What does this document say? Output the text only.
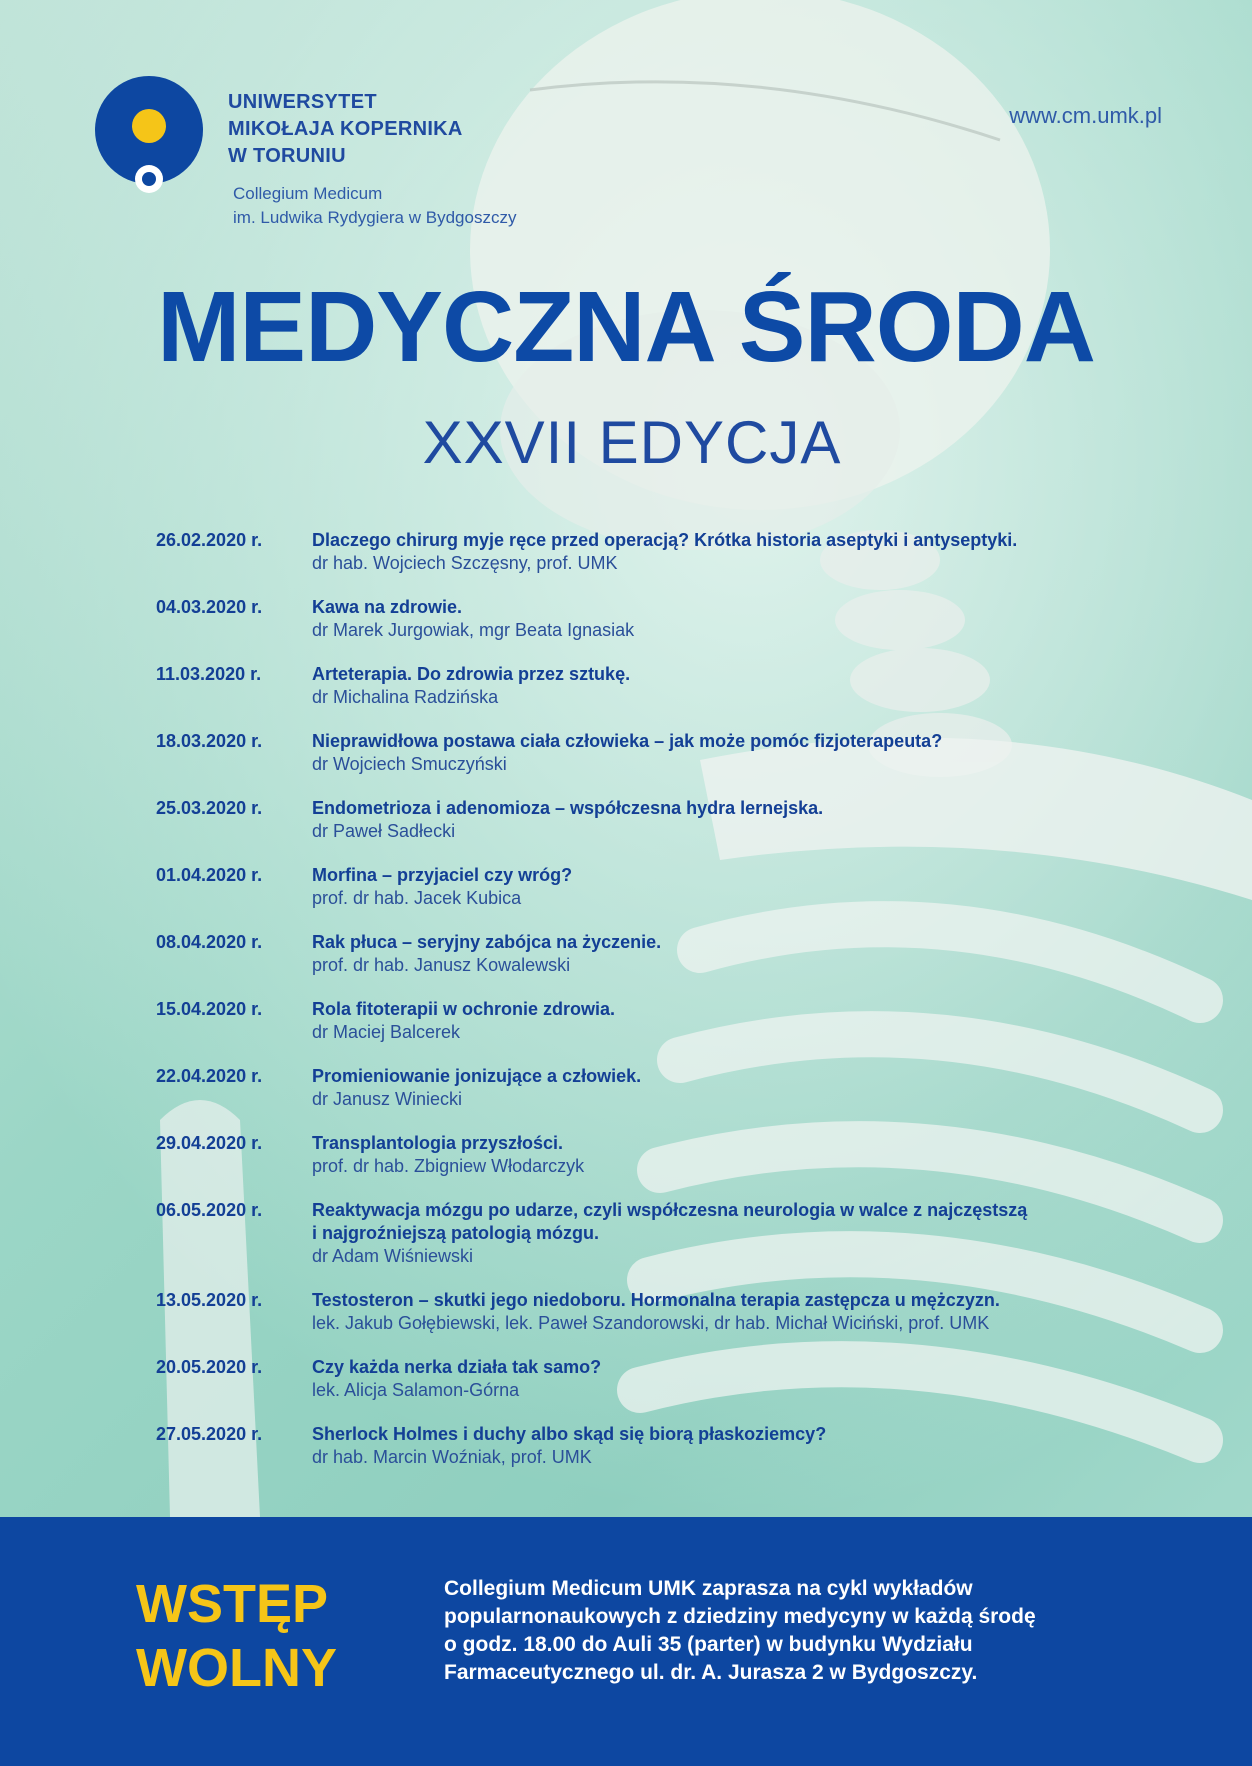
UNIWERSYTET
MIKOŁAJA KOPERNIKA
W TORUNIU
Collegium Medicum
im. Ludwika Rydygiera w Bydgoszczy
www.cm.umk.pl
MEDYCZNA ŚRODA
XXVII EDYCJA
26.02.2020 r.	Dlaczego chirurg myje ręce przed operacją? Krótka historia aseptyki i antyseptyki.
dr hab. Wojciech Szczęsny, prof. UMK
04.03.2020 r.	Kawa na zdrowie.
dr Marek Jurgowiak, mgr Beata Ignasiak
11.03.2020 r.	Arteterapia. Do zdrowia przez sztukę.
dr Michalina Radzińska
18.03.2020 r.	Nieprawidłowa postawa ciała człowieka – jak może pomóc fizjoterapeuta?
dr Wojciech Smuczyński
25.03.2020 r.	Endometrioza i adenomioza – współczesna hydra lernejska.
dr Paweł Sadłecki
01.04.2020 r.	Morfina – przyjaciel czy wróg?
prof. dr hab. Jacek Kubica
08.04.2020 r.	Rak płuca – seryjny zabójca na życzenie.
prof. dr hab. Janusz Kowalewski
15.04.2020 r.	Rola fitoterapii w ochronie zdrowia.
dr Maciej Balcerek
22.04.2020 r.	Promieniowanie jonizujące a człowiek.
dr Janusz Winiecki
29.04.2020 r.	Transplantologia przyszłości.
prof. dr hab. Zbigniew Włodarczyk
06.05.2020 r.	Reaktywacja mózgu po udarze, czyli współczesna neurologia w walce z najczęstszą
i najgroźniejszą patologią mózgu.
dr Adam Wiśniewski
13.05.2020 r.	Testosteron – skutki jego niedoboru. Hormonalna terapia zastępcza u mężczyzn.
lek. Jakub Gołębiewski, lek. Paweł Szandorowski, dr hab. Michał Wiciński, prof. UMK
20.05.2020 r.	Czy każda nerka działa tak samo?
lek. Alicja Salamon-Górna
27.05.2020 r.	Sherlock Holmes i duchy albo skąd się biorą płaskoziemcy?
dr hab. Marcin Woźniak, prof. UMK
WSTĘP
WOLNY
Collegium Medicum UMK zaprasza na cykl wykładów
popularnonaukowych z dziedziny medycyny w każdą środę
o godz. 18.00 do Auli 35 (parter) w budynku Wydziału
Farmaceutycznego ul. dr. A. Jurasza 2 w Bydgoszczy.
